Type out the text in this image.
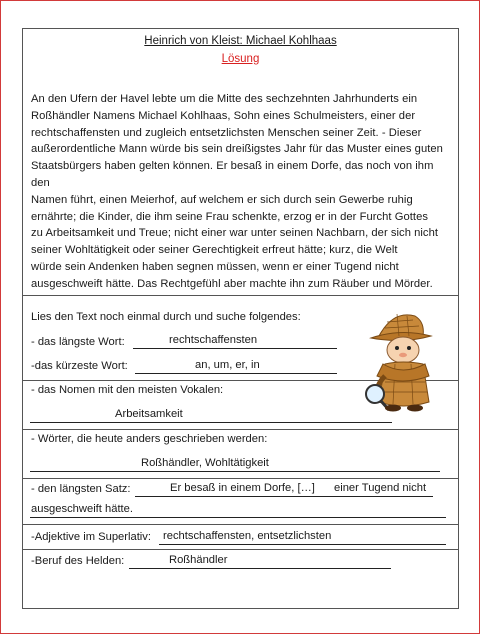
Heinrich von Kleist: Michael Kohlhaas
Lösung
An den Ufern der Havel lebte um die Mitte des sechzehnten Jahrhunderts ein
Roßhändler Namens Michael Kohlhaas, Sohn eines Schulmeisters, einer der
rechtschaffensten und zugleich entsetzlichsten Menschen seiner Zeit. - Dieser
außerordentliche Mann würde bis sein dreißigstes Jahr für das Muster eines guten
Staatsbürgers haben gelten können. Er besaß in einem Dorfe, das noch von ihm den
Namen führt, einen Meierhof, auf welchem er sich durch sein Gewerbe ruhig
ernährte; die Kinder, die ihm seine Frau schenkte, erzog er in der Furcht Gottes
zu Arbeitsamkeit und Treue; nicht einer war unter seinen Nachbarn, der sich nicht
seiner Wohltätigkeit oder seiner Gerechtigkeit erfreut hätte; kurz, die Welt
würde sein Andenken haben segnen müssen, wenn er einer Tugend nicht
ausgeschweift hätte. Das Rechtgefühl aber machte ihn zum Räuber und Mörder.
Lies den Text noch einmal durch und suche folgendes:
- das längste Wort:	rechtschaffensten
-das kürzeste Wort:	an, um, er, in
- das Nomen mit den meisten Vokalen:
Arbeitsamkeit
- Wörter, die heute anders geschrieben werden:
Roßhändler, Wohltätigkeit
- den längsten Satz:	Er besaß in einem Dorfe, […] einer Tugend nicht
ausgeschweift hätte.
-Adjektive im Superlativ: rechtschaffensten, entsetzlichsten
-Beruf des Helden:	Roßhändler
